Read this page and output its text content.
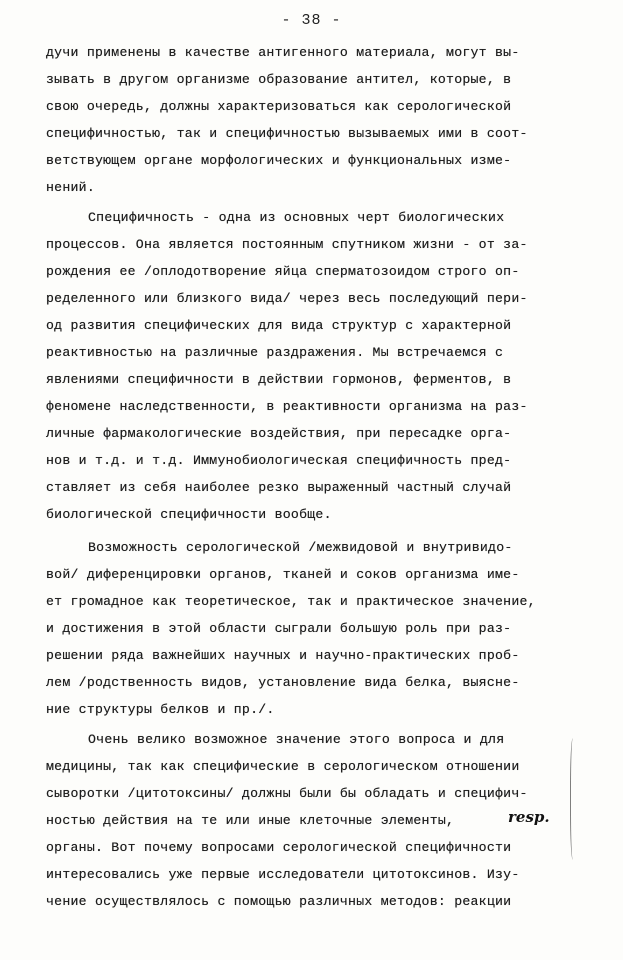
- 38 -
дучи применены в качестве антигенного материала, могут вы-
зывать в другом организме образование антител, которые, в
свою очередь, должны характеризоваться как серологической
специфичностью, так и специфичностью вызываемых ими в соот-
ветствующем органе морфологических и функциональных изме-
нений.
Специфичность - одна из основных черт биологических
процессов. Она является постоянным спутником жизни - от за-
рождения ее /оплодотворение яйца сперматозоидом строго оп-
ределенного или близкого вида/ через весь последующий пери-
од развития специфических для вида структур с характерной
реактивностью на различные раздражения. Мы встречаемся с
явлениями специфичности в действии гормонов, ферментов, в
феномене наследственности, в реактивности организма на раз-
личные фармакологические воздействия, при пересадке орга-
нов и т.д. и т.д. Иммунобиологическая специфичность пред-
ставляет из себя наиболее резко выраженный частный случай
биологической специфичности вообще.
Возможность серологической /межвидовой и внутривидо-
вой/ диференцировки органов, тканей и соков организма име-
ет громадное как теоретическое, так и практическое значение,
и достижения в этой области сыграли большую роль при раз-
решении ряда важнейших научных и научно-практических проб-
лем /родственность видов, установление вида белка, выясне-
ние структуры белков и пр./.
Очень велико возможное значение этого вопроса и для
медицины, так как специфические в серологическом отношении
сыворотки /цитотоксины/ должны были бы обладать и специфич-
ностью действия на те или иные клеточные элементы,	resp.
органы. Вот почему вопросами серологической специфичности
интересовались уже первые исследователи цитотоксинов. Изу-
чение осуществлялось с помощью различных методов: реакции
